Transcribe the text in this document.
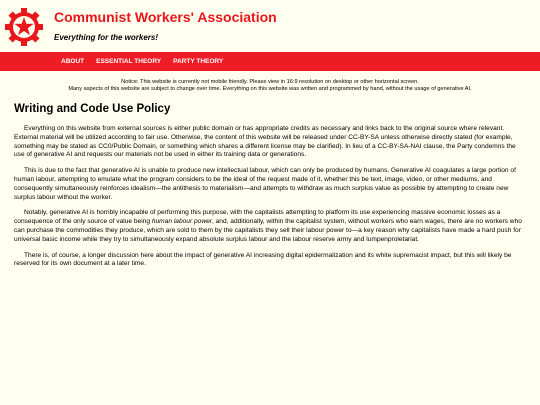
Communist Workers' Association
Everything for the workers!
ABOUT	ESSENTIAL THEORY	PARTY THEORY
Notice: This website is currently not mobile friendly. Please view in 16:9 resolution on desktop or other horizontal screen.
Many aspects of this website are subject to change over time. Everything on this website was written and programmed by hand, without the usage of generative AI.
Writing and Code Use Policy

Everything on this website from external sources is either public domain or has appropriate credits as necessary and links back to the original source where relevant. External material will be utilized according to fair use. Otherwise, the content of this website will be released under CC-BY-SA unless otherwise directly stated (for example, something may be stated as CC0/Public Domain, or something which shares a different license may be clarified). In lieu of a CC-BY-SA-NAI clause, the Party condemns the use of generative AI and requests our materials not be used in either its training data or generations.

This is due to the fact that generative AI is unable to produce new intellectual labour, which can only be produced by humans. Generative AI coagulates a large portion of human labour, attempting to emulate what the program considers to be the ideal of the request made of it, whether this be text, image, video, or other mediums, and consequently simultaneously reinforces idealism—the antithesis to materialism—and attempts to withdraw as much surplus value as possible by attempting to create new surplus labour without the worker.

Notably, generative AI is horribly incapable of performing this purpose, with the capitalists attempting to platform its use experiencing massive economic losses as a consequence of the only source of value being human labour power, and, additionally, within the capitalist system, without workers who earn wages, there are no workers who can purchase the commodities they produce, which are sold to them by the capitalists they sell their labour power to—a key reason why capitalists have made a hard push for universal basic income while they try to simultaneously expand absolute surplus labour and the labour reserve army and lumpenproletariat.

There is, of course, a longer discussion here about the impact of generative AI increasing digital epidermalization and its white supremacist impact, but this will likely be reserved for its own document at a later time.
